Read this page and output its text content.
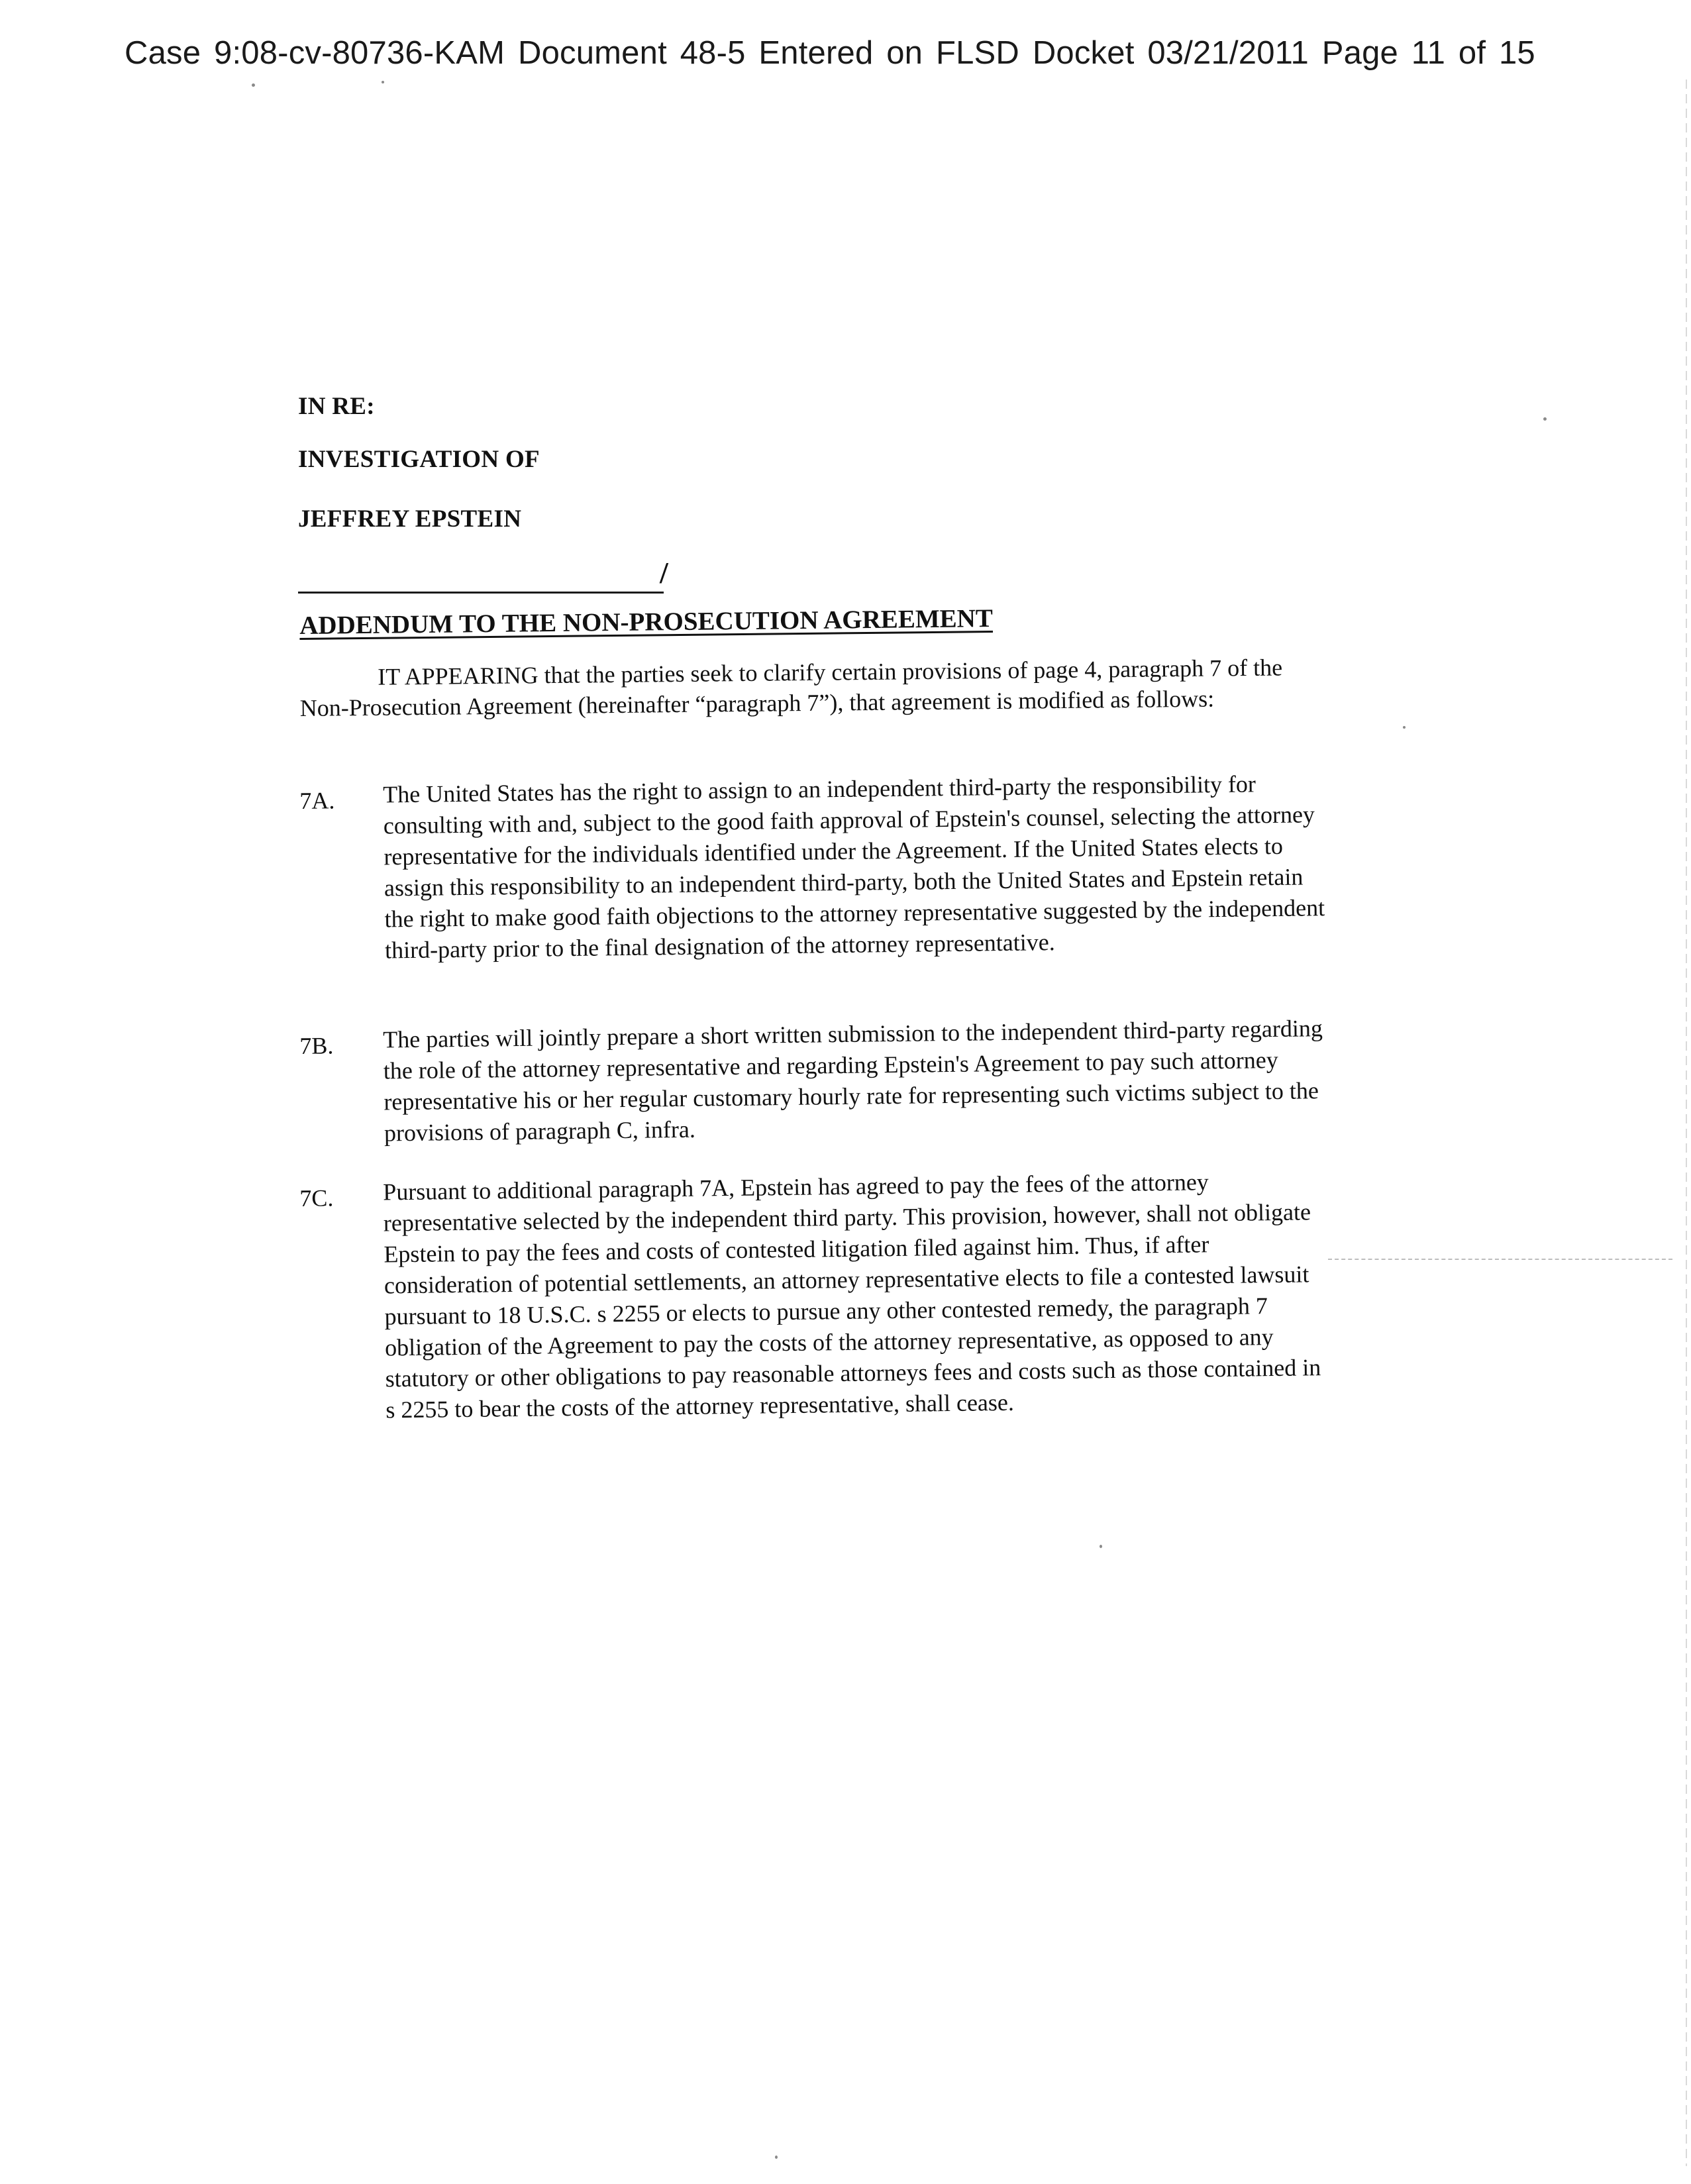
Case 9:08-cv-80736-KAM Document 48-5 Entered on FLSD Docket 03/21/2011 Page 11 of 15
IN RE:
INVESTIGATION OF
JEFFREY EPSTEIN
/
ADDENDUM TO THE NON-PROSECUTION AGREEMENT
IT APPEARING that the parties seek to clarify certain provisions of page 4, paragraph 7 of the Non-Prosecution Agreement (hereinafter “paragraph 7”), that agreement is modified as follows:
7A. The United States has the right to assign to an independent third-party the responsibility for consulting with and, subject to the good faith approval of Epstein's counsel, selecting the attorney representative for the individuals identified under the Agreement. If the United States elects to assign this responsibility to an independent third-party, both the United States and Epstein retain the right to make good faith objections to the attorney representative suggested by the independent third-party prior to the final designation of the attorney representative.
7B. The parties will jointly prepare a short written submission to the independent third-party regarding the role of the attorney representative and regarding Epstein's Agreement to pay such attorney representative his or her regular customary hourly rate for representing such victims subject to the provisions of paragraph C, infra.
7C. Pursuant to additional paragraph 7A, Epstein has agreed to pay the fees of the attorney representative selected by the independent third party. This provision, however, shall not obligate Epstein to pay the fees and costs of contested litigation filed against him. Thus, if after consideration of potential settlements, an attorney representative elects to file a contested lawsuit pursuant to 18 U.S.C. s 2255 or elects to pursue any other contested remedy, the paragraph 7 obligation of the Agreement to pay the costs of the attorney representative, as opposed to any statutory or other obligations to pay reasonable attorneys fees and costs such as those contained in s 2255 to bear the costs of the attorney representative, shall cease.
